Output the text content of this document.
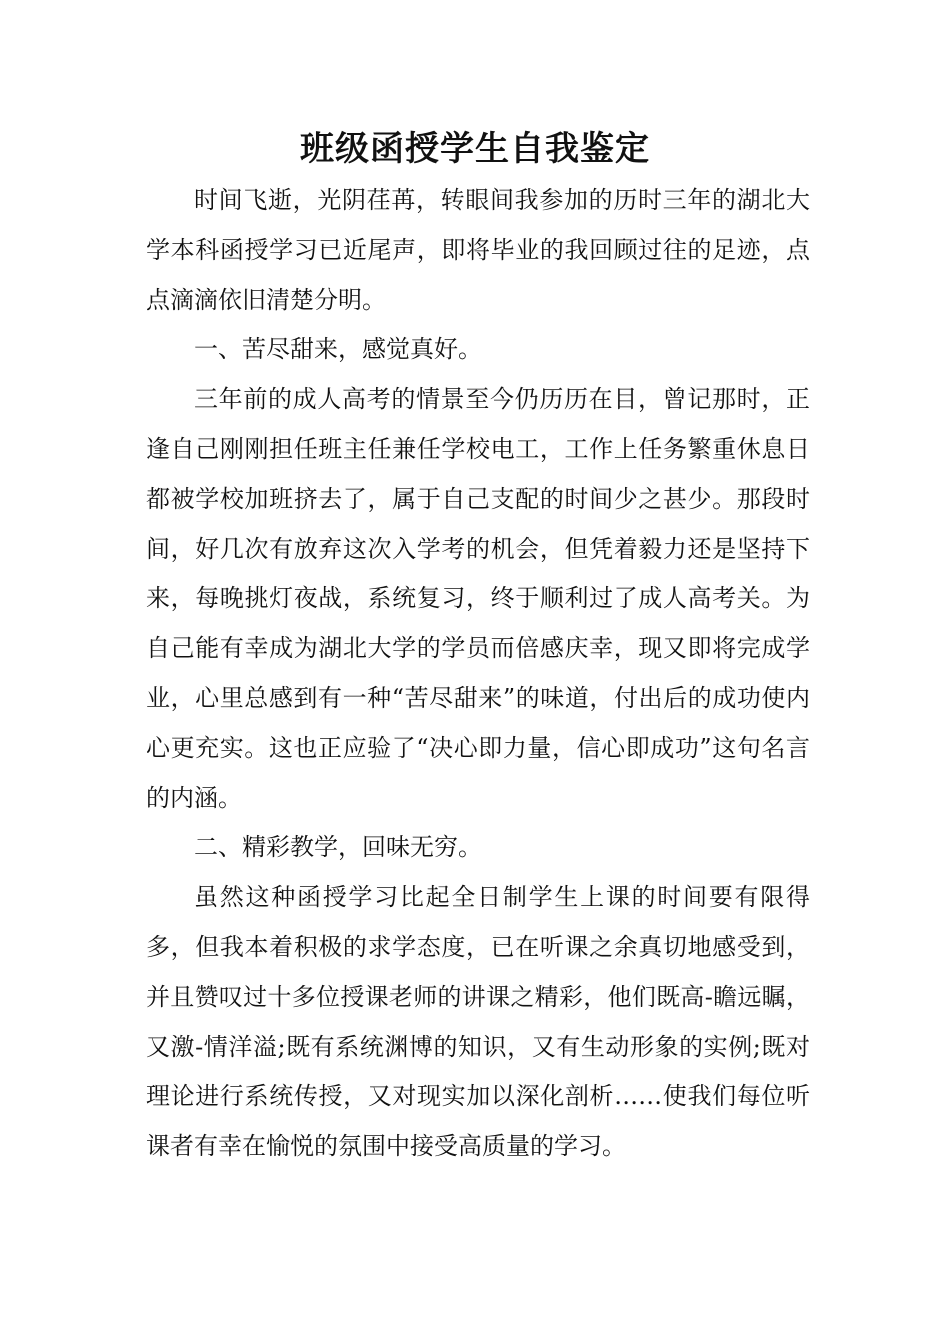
班级函授学生自我鉴定

时间飞逝，光阴荏苒，转眼间我参加的历时三年的湖北大学本科函授学习已近尾声，即将毕业的我回顾过往的足迹，点点滴滴依旧清楚分明。

一、苦尽甜来，感觉真好。

三年前的成人高考的情景至今仍历历在目，曾记那时，正逢自己刚刚担任班主任兼任学校电工，工作上任务繁重休息日都被学校加班挤去了，属于自己支配的时间少之甚少。那段时间，好几次有放弃这次入学考的机会，但凭着毅力还是坚持下来，每晚挑灯夜战，系统复习，终于顺利过了成人高考关。为自己能有幸成为湖北大学的学员而倍感庆幸，现又即将完成学业，心里总感到有一种“苦尽甜来”的味道，付出后的成功使内心更充实。这也正应验了“决心即力量，信心即成功”这句名言的内涵。

二、精彩教学，回味无穷。

虽然这种函授学习比起全日制学生上课的时间要有限得多，但我本着积极的求学态度，已在听课之余真切地感受到，并且赞叹过十多位授课老师的讲课之精彩，他们既高-瞻远瞩，又激-情洋溢;既有系统渊博的知识，又有生动形象的实例;既对理论进行系统传授，又对现实加以深化剖析……使我们每位听课者有幸在愉悦的氛围中接受高质量的学习。
